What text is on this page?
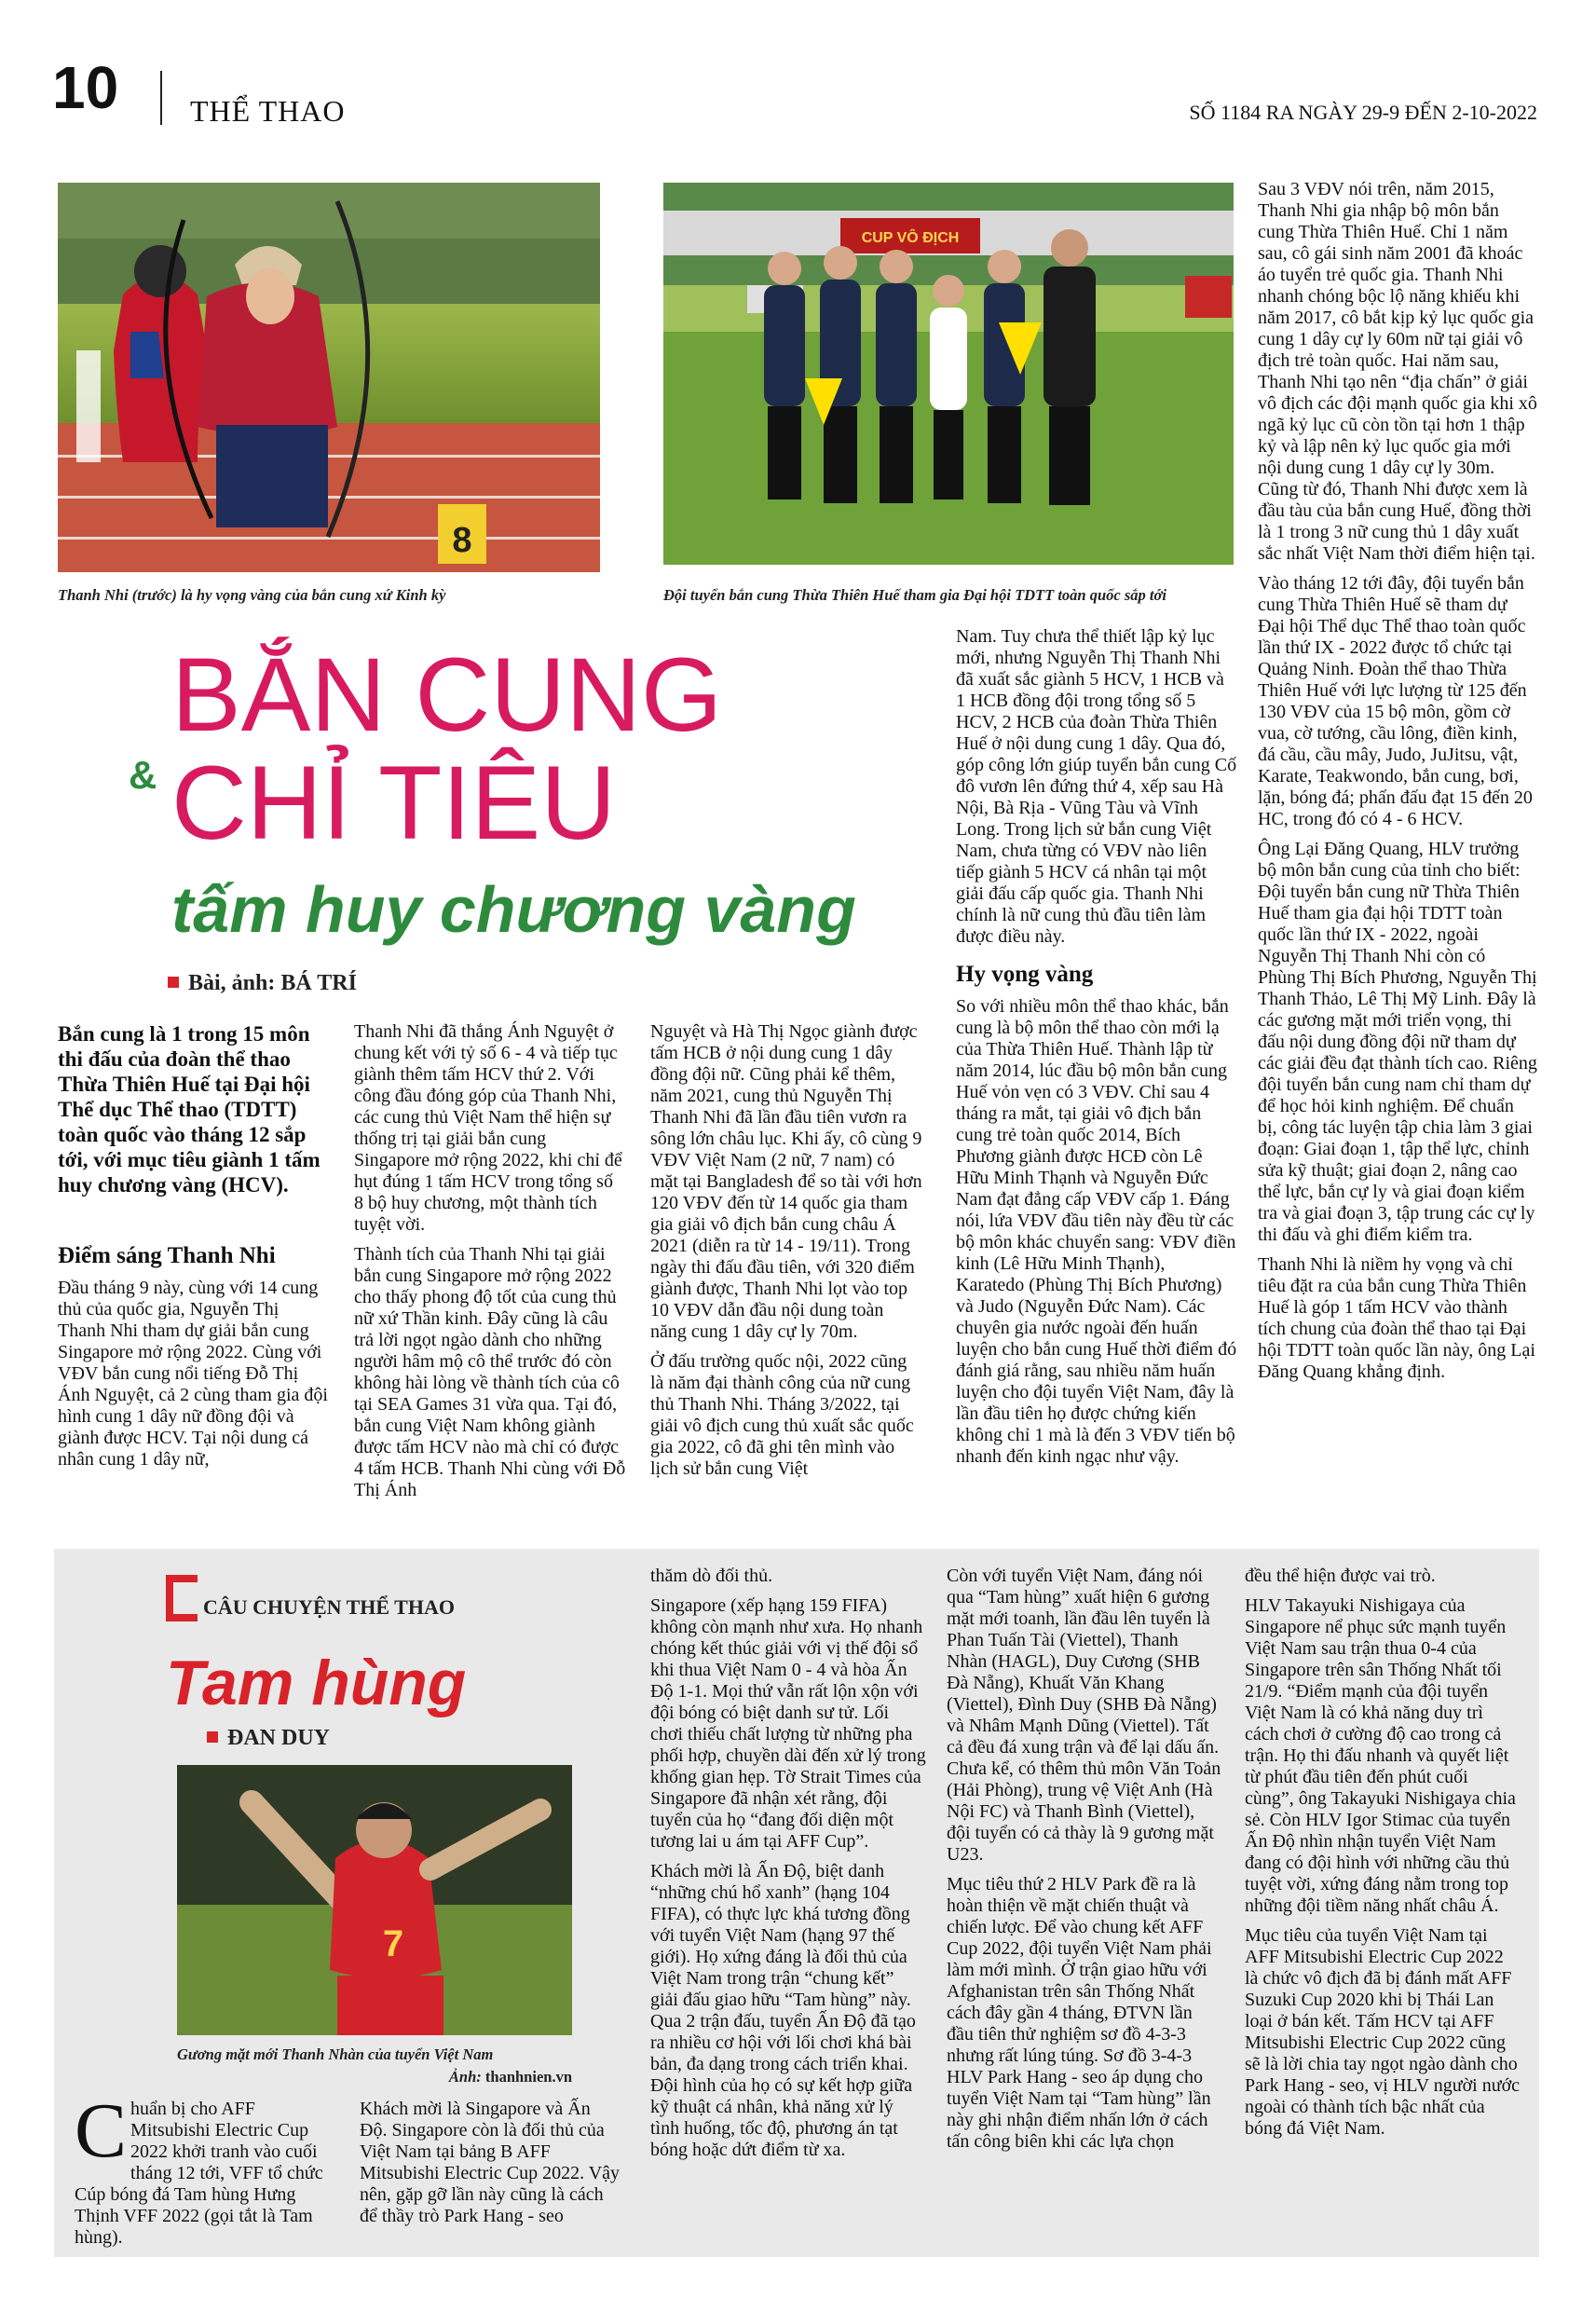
10 THỂ THAO	SỐ 1184 RA NGÀY 29-9 ĐẾN 2-10-2022
8
Thanh Nhi (trước) là hy vọng vàng của bắn cung xứ Kinh kỳ
CUP VÔ ĐỊCH
Đội tuyển bắn cung Thừa Thiên Huế tham gia Đại hội TDTT toàn quốc sắp tới
BẮN CUNG
& CHỈ TIÊU
tấm huy chương vàng
Bài, ảnh: BÁ TRÍ

Bắn cung là 1 trong 15 môn thi đấu của đoàn thể thao Thừa Thiên Huế tại Đại hội Thể dục Thể thao (TDTT) toàn quốc vào tháng 12 sắp tới, với mục tiêu giành 1 tấm huy chương vàng (HCV).

Điểm sáng Thanh Nhi

Đầu tháng 9 này, cùng với 14 cung thủ của quốc gia, Nguyễn Thị Thanh Nhi tham dự giải bắn cung Singapore mở rộng 2022. Cùng với VĐV bắn cung nổi tiếng Đỗ Thị Ánh Nguyệt, cả 2 cùng tham gia đội hình cung 1 dây nữ đồng đội và giành được HCV. Tại nội dung cá nhân cung 1 dây nữ,

Thanh Nhi đã thắng Ánh Nguyệt ở chung kết với tỷ số 6 - 4 và tiếp tục giành thêm tấm HCV thứ 2. Với công đầu đóng góp của Thanh Nhi, các cung thủ Việt Nam thể hiện sự thống trị tại giải bắn cung Singapore mở rộng 2022, khi chỉ để hụt đúng 1 tấm HCV trong tổng số 8 bộ huy chương, một thành tích tuyệt vời.

Thành tích của Thanh Nhi tại giải bắn cung Singapore mở rộng 2022 cho thấy phong độ tốt của cung thủ nữ xứ Thần kinh. Đây cũng là câu trả lời ngọt ngào dành cho những người hâm mộ cô thể trước đó còn không hài lòng về thành tích của cô tại SEA Games 31 vừa qua. Tại đó, bắn cung Việt Nam không giành được tấm HCV nào mà chỉ có được 4 tấm HCB. Thanh Nhi cùng với Đỗ Thị Ánh

Nguyệt và Hà Thị Ngọc giành được tấm HCB ở nội dung cung 1 dây đồng đội nữ. Cũng phải kể thêm, năm 2021, cung thủ Nguyễn Thị Thanh Nhi đã lần đầu tiên vươn ra sông lớn châu lục. Khi ấy, cô cùng 9 VĐV Việt Nam (2 nữ, 7 nam) có mặt tại Bangladesh để so tài với hơn 120 VĐV đến từ 14 quốc gia tham gia giải vô địch bắn cung châu Á 2021 (diễn ra từ 14 - 19/11). Trong ngày thi đấu đầu tiên, với 320 điểm giành được, Thanh Nhi lọt vào top 10 VĐV dẫn đầu nội dung toàn năng cung 1 dây cự ly 70m.

Ở đấu trường quốc nội, 2022 cũng là năm đại thành công của nữ cung thủ Thanh Nhi. Tháng 3/2022, tại giải vô địch cung thủ xuất sắc quốc gia 2022, cô đã ghi tên mình vào lịch sử bắn cung Việt

Nam. Tuy chưa thể thiết lập kỷ lục mới, nhưng Nguyễn Thị Thanh Nhi đã xuất sắc giành 5 HCV, 1 HCB và 1 HCB đồng đội trong tổng số 5 HCV, 2 HCB của đoàn Thừa Thiên Huế ở nội dung cung 1 dây. Qua đó, góp công lớn giúp tuyển bắn cung Cố đô vươn lên đứng thứ 4, xếp sau Hà Nội, Bà Rịa - Vũng Tàu và Vĩnh Long. Trong lịch sử bắn cung Việt Nam, chưa từng có VĐV nào liên tiếp giành 5 HCV cá nhân tại một giải đấu cấp quốc gia. Thanh Nhi chính là nữ cung thủ đầu tiên làm được điều này.

Hy vọng vàng

So với nhiều môn thể thao khác, bắn cung là bộ môn thể thao còn mới lạ của Thừa Thiên Huế. Thành lập từ năm 2014, lúc đầu bộ môn bắn cung Huế vỏn vẹn có 3 VĐV. Chỉ sau 4 tháng ra mắt, tại giải vô địch bắn cung trẻ toàn quốc 2014, Bích Phương giành được HCĐ còn Lê Hữu Minh Thạnh và Nguyễn Đức Nam đạt đẳng cấp VĐV cấp 1. Đáng nói, lứa VĐV đầu tiên này đều từ các bộ môn khác chuyển sang: VĐV điền kinh (Lê Hữu Minh Thạnh), Karatedo (Phùng Thị Bích Phương) và Judo (Nguyễn Đức Nam). Các chuyên gia nước ngoài đến huấn luyện cho bắn cung Huế thời điểm đó đánh giá rằng, sau nhiều năm huấn luyện cho đội tuyển Việt Nam, đây là lần đầu tiên họ được chứng kiến không chỉ 1 mà là đến 3 VĐV tiến bộ nhanh đến kinh ngạc như vậy.

Sau 3 VĐV nói trên, năm 2015, Thanh Nhi gia nhập bộ môn bắn cung Thừa Thiên Huế. Chỉ 1 năm sau, cô gái sinh năm 2001 đã khoác áo tuyển trẻ quốc gia. Thanh Nhi nhanh chóng bộc lộ năng khiếu khi năm 2017, cô bắt kịp kỷ lục quốc gia cung 1 dây cự ly 60m nữ tại giải vô địch trẻ toàn quốc. Hai năm sau, Thanh Nhi tạo nên “địa chấn” ở giải vô địch các đội mạnh quốc gia khi xô ngã kỷ lục cũ còn tồn tại hơn 1 thập kỷ và lập nên kỷ lục quốc gia mới nội dung cung 1 dây cự ly 30m. Cũng từ đó, Thanh Nhi được xem là đầu tàu của bắn cung Huế, đồng thời là 1 trong 3 nữ cung thủ 1 dây xuất sắc nhất Việt Nam thời điểm hiện tại.

Vào tháng 12 tới đây, đội tuyển bắn cung Thừa Thiên Huế sẽ tham dự Đại hội Thể dục Thể thao toàn quốc lần thứ IX - 2022 được tổ chức tại Quảng Ninh. Đoàn thể thao Thừa Thiên Huế với lực lượng từ 125 đến 130 VĐV của 15 bộ môn, gồm cờ vua, cờ tướng, cầu lông, điền kinh, đá cầu, cầu mây, Judo, JuJitsu, vật, Karate, Teakwondo, bắn cung, bơi, lặn, bóng đá; phấn đấu đạt 15 đến 20 HC, trong đó có 4 - 6 HCV.

Ông Lại Đăng Quang, HLV trưởng bộ môn bắn cung của tỉnh cho biết: Đội tuyển bắn cung nữ Thừa Thiên Huế tham gia đại hội TDTT toàn quốc lần thứ IX - 2022, ngoài Nguyễn Thị Thanh Nhi còn có Phùng Thị Bích Phương, Nguyễn Thị Thanh Thảo, Lê Thị Mỹ Linh. Đây là các gương mặt mới triển vọng, thi đấu nội dung đồng đội nữ tham dự các giải đều đạt thành tích cao. Riêng đội tuyển bắn cung nam chỉ tham dự để học hỏi kinh nghiệm. Để chuẩn bị, công tác luyện tập chia làm 3 giai đoạn: Giai đoạn 1, tập thể lực, chỉnh sửa kỹ thuật; giai đoạn 2, nâng cao thể lực, bắn cự ly và giai đoạn kiểm tra và giai đoạn 3, tập trung các cự ly thi đấu và ghi điểm kiểm tra.

Thanh Nhi là niềm hy vọng và chỉ tiêu đặt ra của bắn cung Thừa Thiên Huế là góp 1 tấm HCV vào thành tích chung của đoàn thể thao tại Đại hội TDTT toàn quốc lần này, ông Lại Đăng Quang khẳng định.

CÂU CHUYỆN THỂ THAO
Tam hùng
ĐAN DUY
7
Gương mặt mới Thanh Nhàn của tuyển Việt Nam
Ảnh: thanhnien.vn

Chuẩn bị cho AFF Mitsubishi Electric Cup 2022 khởi tranh vào cuối tháng 12 tới, VFF tổ chức Cúp bóng đá Tam hùng Hưng Thịnh VFF 2022 (gọi tắt là Tam hùng).

Khách mời là Singapore và Ấn Độ. Singapore còn là đối thủ của Việt Nam tại bảng B AFF Mitsubishi Electric Cup 2022. Vậy nên, gặp gỡ lần này cũng là cách để thầy trò Park Hang - seo

thăm dò đối thủ.

Singapore (xếp hạng 159 FIFA) không còn mạnh như xưa. Họ nhanh chóng kết thúc giải với vị thế đội sổ khi thua Việt Nam 0 - 4 và hòa Ấn Độ 1-1. Mọi thứ vẫn rất lộn xộn với đội bóng có biệt danh sư tử. Lối chơi thiếu chất lượng từ những pha phối hợp, chuyền dài đến xử lý trong khống gian hẹp. Tờ Strait Times của Singapore đã nhận xét rằng, đội tuyển của họ “đang đối diện một tương lai u ám tại AFF Cup”.

Khách mời là Ấn Độ, biệt danh “những chú hổ xanh” (hạng 104 FIFA), có thực lực khá tương đồng với tuyển Việt Nam (hạng 97 thế giới). Họ xứng đáng là đối thủ của Việt Nam trong trận “chung kết” giải đấu giao hữu “Tam hùng” này. Qua 2 trận đấu, tuyển Ấn Độ đã tạo ra nhiều cơ hội với lối chơi khá bài bản, đa dạng trong cách triển khai. Đội hình của họ có sự kết hợp giữa kỹ thuật cá nhân, khả năng xử lý tình huống, tốc độ, phương án tạt bóng hoặc dứt điểm từ xa.

Còn với tuyển Việt Nam, đáng nói qua “Tam hùng” xuất hiện 6 gương mặt mới toanh, lần đầu lên tuyển là Phan Tuấn Tài (Viettel), Thanh Nhàn (HAGL), Duy Cương (SHB Đà Nẵng), Khuất Văn Khang (Viettel), Đình Duy (SHB Đà Nẵng) và Nhâm Mạnh Dũng (Viettel). Tất cả đều đá xung trận và để lại dấu ấn. Chưa kể, có thêm thủ môn Văn Toản (Hải Phòng), trung vệ Việt Anh (Hà Nội FC) và Thanh Bình (Viettel), đội tuyển có cả thày là 9 gương mặt U23.

Mục tiêu thứ 2 HLV Park đề ra là hoàn thiện về mặt chiến thuật và chiến lược. Để vào chung kết AFF Cup 2022, đội tuyển Việt Nam phải làm mới mình. Ở trận giao hữu với Afghanistan trên sân Thống Nhất cách đây gần 4 tháng, ĐTVN lần đầu tiên thử nghiệm sơ đồ 4-3-3 nhưng rất lúng túng. Sơ đồ 3-4-3 HLV Park Hang - seo áp dụng cho tuyển Việt Nam tại “Tam hùng” lần này ghi nhận điểm nhấn lớn ở cách tấn công biên khi các lựa chọn

đều thể hiện được vai trò.

HLV Takayuki Nishigaya của Singapore nể phục sức mạnh tuyển Việt Nam sau trận thua 0-4 của Singapore trên sân Thống Nhất tối 21/9. “Điểm mạnh của đội tuyển Việt Nam là có khả năng duy trì cách chơi ở cường độ cao trong cả trận. Họ thi đấu nhanh và quyết liệt từ phút đầu tiên đến phút cuối cùng”, ông Takayuki Nishigaya chia sẻ. Còn HLV Igor Stimac của tuyển Ấn Độ nhìn nhận tuyển Việt Nam đang có đội hình với những cầu thủ tuyệt vời, xứng đáng nằm trong top những đội tiềm năng nhất châu Á.

Mục tiêu của tuyển Việt Nam tại AFF Mitsubishi Electric Cup 2022 là chức vô địch đã bị đánh mất AFF Suzuki Cup 2020 khi bị Thái Lan loại ở bán kết. Tấm HCV tại AFF Mitsubishi Electric Cup 2022 cũng sẽ là lời chia tay ngọt ngào dành cho Park Hang - seo, vị HLV người nước ngoài có thành tích bậc nhất của bóng đá Việt Nam.
